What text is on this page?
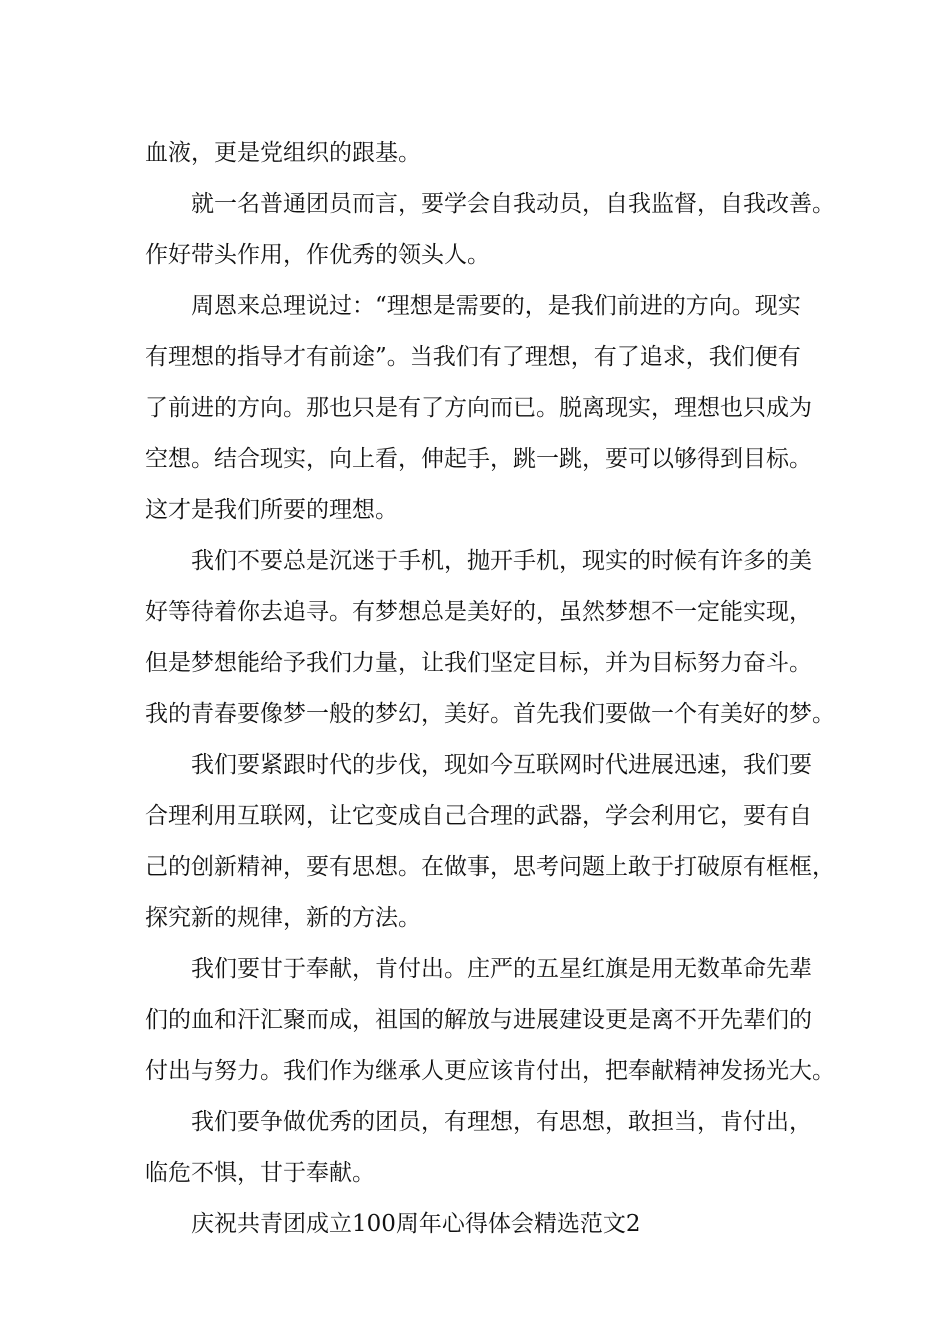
血液，更是党组织的跟基。
就一名普通团员而言，要学会自我动员，自我监督，自我改善。
作好带头作用，作优秀的领头人。
周恩来总理说过：“理想是需要的，是我们前进的方向。现实
有理想的指导才有前途”。当我们有了理想，有了追求，我们便有
了前进的方向。那也只是有了方向而已。脱离现实，理想也只成为
空想。结合现实，向上看，伸起手，跳一跳，要可以够得到目标。
这才是我们所要的理想。
我们不要总是沉迷于手机，抛开手机，现实的时候有许多的美
好等待着你去追寻。有梦想总是美好的，虽然梦想不一定能实现，
但是梦想能给予我们力量，让我们坚定目标，并为目标努力奋斗。
我的青春要像梦一般的梦幻，美好。首先我们要做一个有美好的梦。
我们要紧跟时代的步伐，现如今互联网时代进展迅速，我们要
合理利用互联网，让它变成自己合理的武器，学会利用它，要有自
己的创新精神，要有思想。在做事，思考问题上敢于打破原有框框，
探究新的规律，新的方法。
我们要甘于奉献，肯付出。庄严的五星红旗是用无数革命先辈
们的血和汗汇聚而成，祖国的解放与进展建设更是离不开先辈们的
付出与努力。我们作为继承人更应该肯付出，把奉献精神发扬光大。
我们要争做优秀的团员，有理想，有思想，敢担当，肯付出，
临危不惧，甘于奉献。
庆祝共青团成立100周年心得体会精选范文2
